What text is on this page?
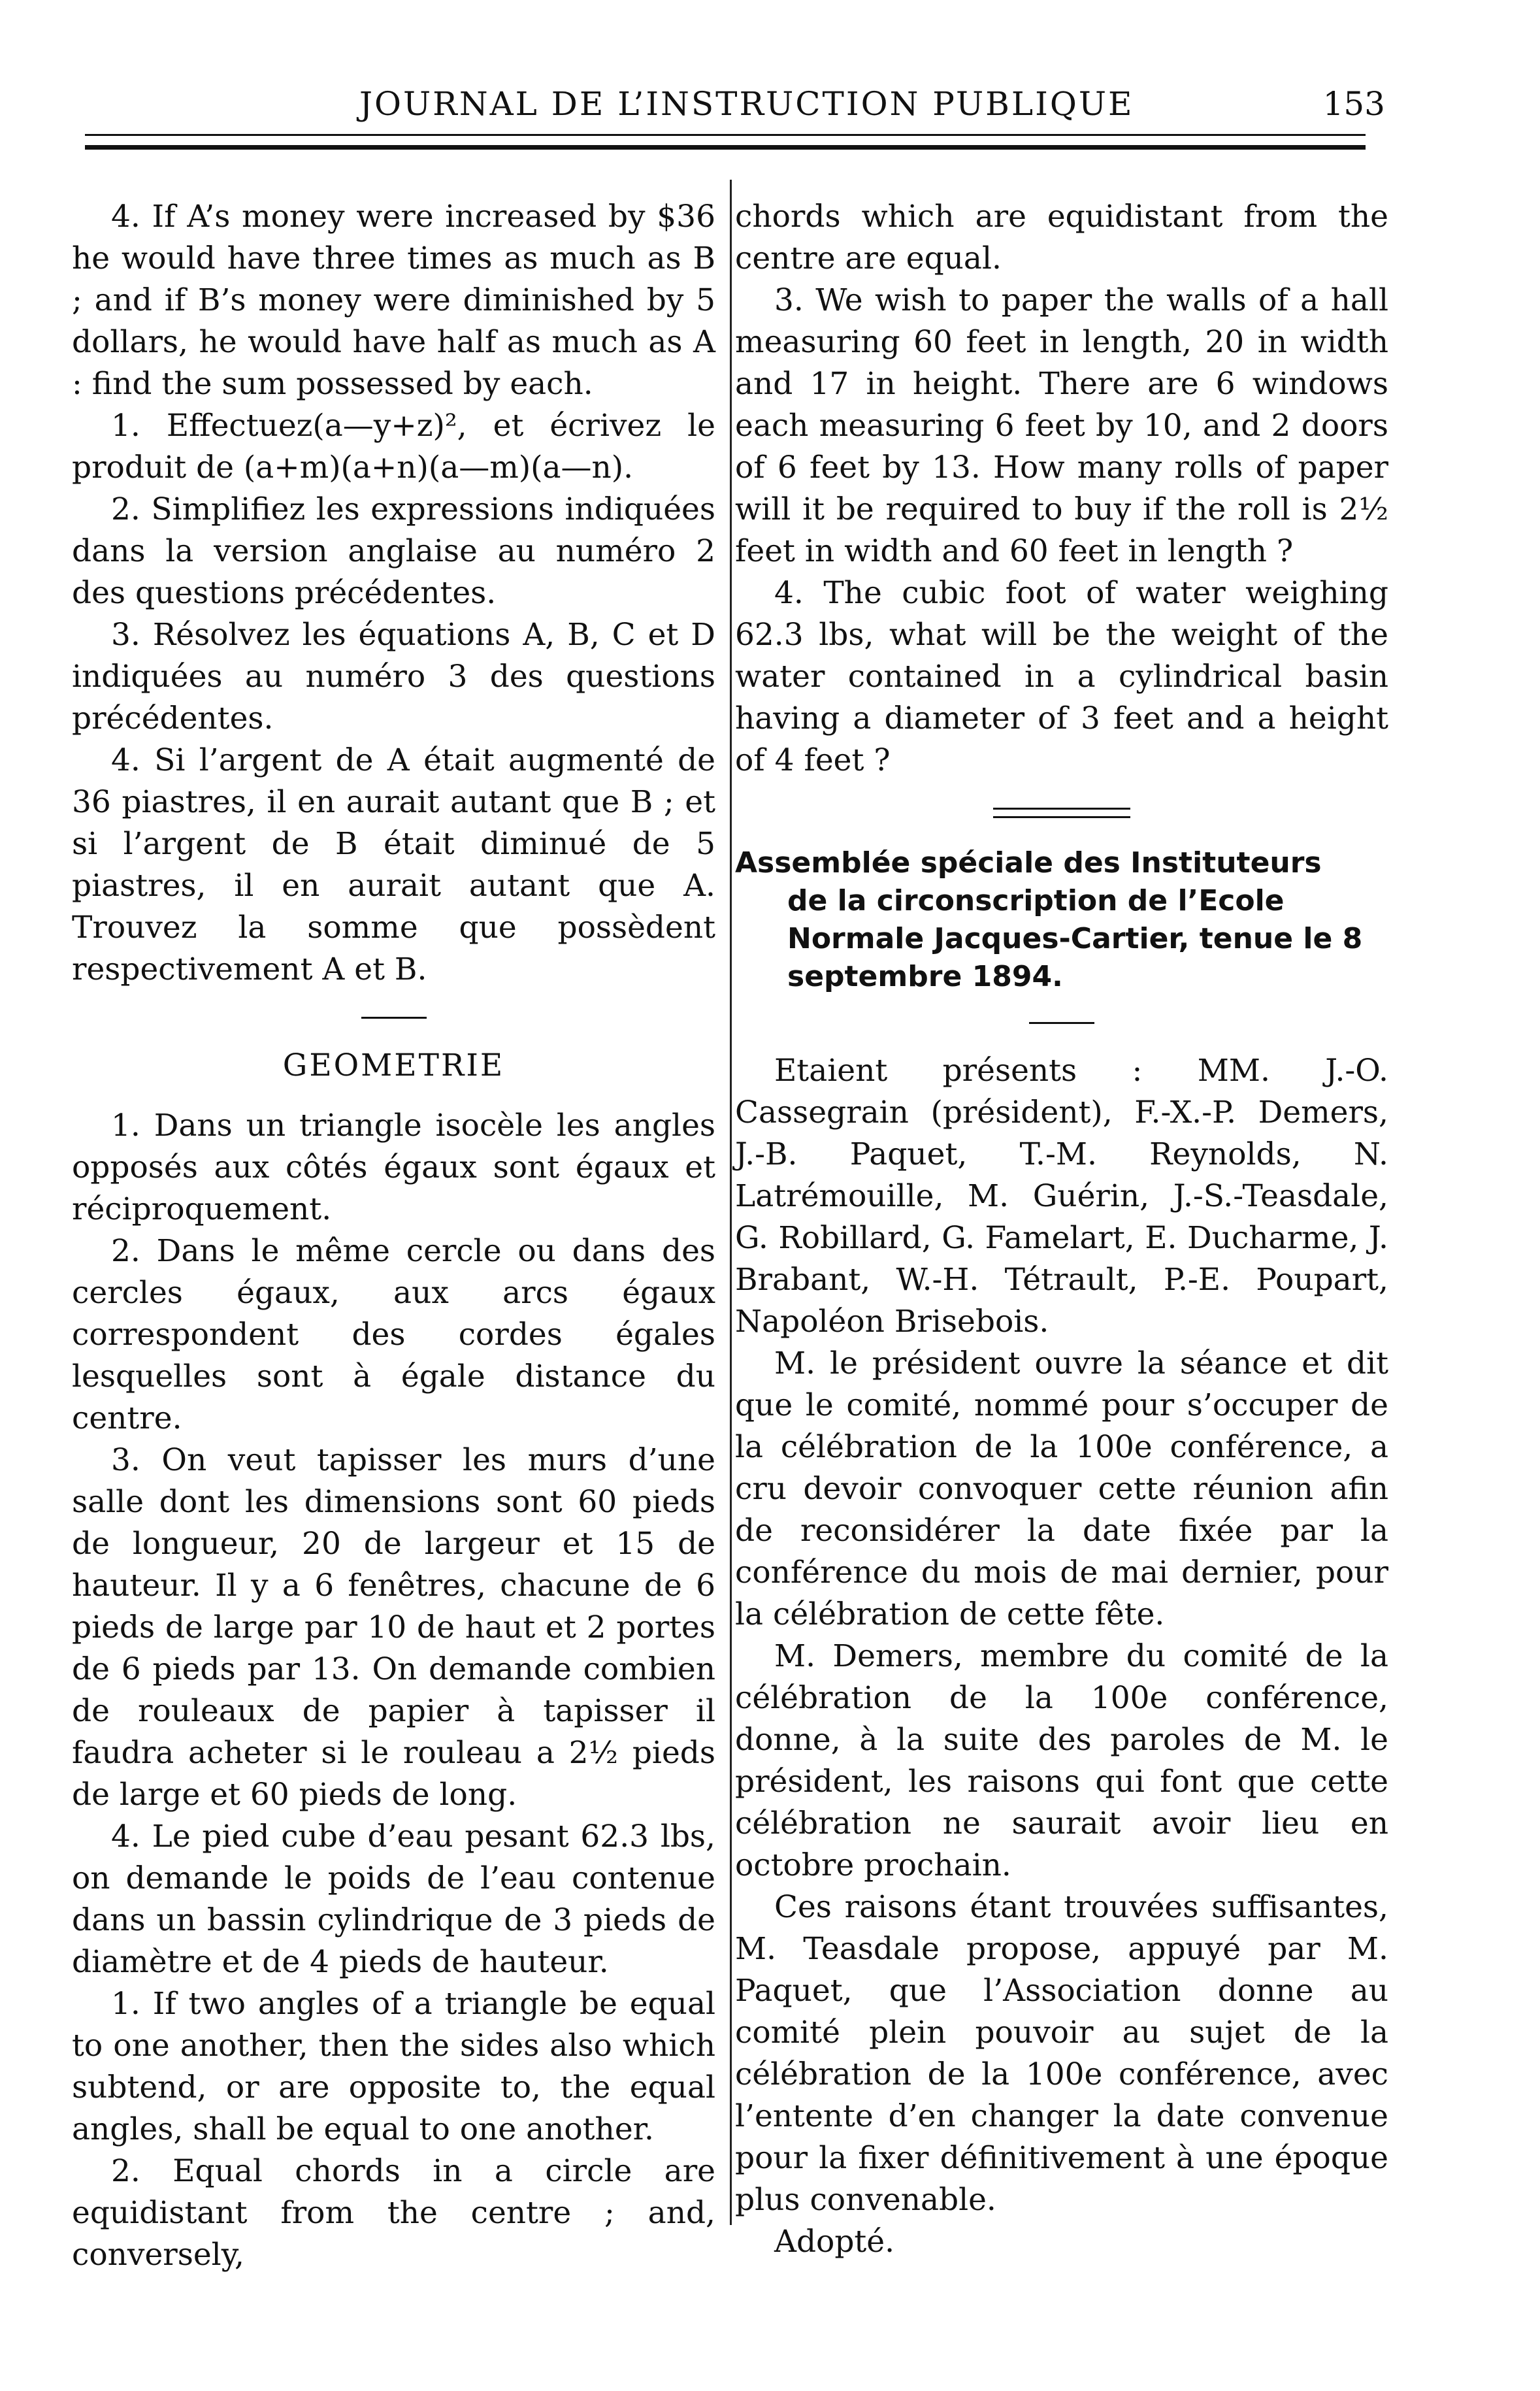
JOURNAL DE L’INSTRUCTION PUBLIQUE	153

4. If A’s money were increased by $36 he would have three times as much as B ; and if B’s money were diminished by 5 dollars, he would have half as much as A : find the sum possessed by each.

1. Effectuez(a—y+z)², et écrivez le produit de (a+m)(a+n)(a—m)(a—n).

2. Simplifiez les expressions indiquées dans la version anglaise au numéro 2 des questions précédentes.

3. Résolvez les équations A, B, C et D indiquées au numéro 3 des questions précédentes.

4. Si l’argent de A était augmenté de 36 piastres, il en aurait autant que B ; et si l’argent de B était diminué de 5 piastres, il en aurait autant que A. Trouvez la somme que possèdent respectivement A et B.

GEOMETRIE

1. Dans un triangle isocèle les angles opposés aux côtés égaux sont égaux et réciproquement.

2. Dans le même cercle ou dans des cercles égaux, aux arcs égaux correspondent des cordes égales lesquelles sont à égale distance du centre.

3. On veut tapisser les murs d’une salle dont les dimensions sont 60 pieds de longueur, 20 de largeur et 15 de hauteur. Il y a 6 fenêtres, chacune de 6 pieds de large par 10 de haut et 2 portes de 6 pieds par 13. On demande combien de rouleaux de papier à tapisser il faudra acheter si le rouleau a 2½ pieds de large et 60 pieds de long.

4. Le pied cube d’eau pesant 62.3 lbs, on demande le poids de l’eau contenue dans un bassin cylindrique de 3 pieds de diamètre et de 4 pieds de hauteur.

1. If two angles of a triangle be equal to one another, then the sides also which subtend, or are opposite to, the equal angles, shall be equal to one another.

2. Equal chords in a circle are equidistant from the centre ; and, conversely,

chords which are equidistant from the centre are equal.

3. We wish to paper the walls of a hall measuring 60 feet in length, 20 in width and 17 in height. There are 6 windows each measuring 6 feet by 10, and 2 doors of 6 feet by 13. How many rolls of paper will it be required to buy if the roll is 2½ feet in width and 60 feet in length ?

4. The cubic foot of water weighing 62.3 lbs, what will be the weight of the water contained in a cylindrical basin having a diameter of 3 feet and a height of 4 feet ?

Assemblée spéciale des Instituteurs
de la circonscription de l’Ecole Normale Jacques-Cartier, tenue le 8 septembre 1894.

Etaient présents : MM. J.-O. Cassegrain (président), F.-X.-P. Demers, J.-B. Paquet, T.-M. Reynolds, N. Latrémouille, M. Guérin, J.-S.-Teasdale, G. Robillard, G. Famelart, E. Ducharme, J. Brabant, W.-H. Tétrault, P.-E. Poupart, Napoléon Brisebois.

M. le président ouvre la séance et dit que le comité, nommé pour s’occuper de la célébration de la 100e conférence, a cru devoir convoquer cette réunion afin de reconsidérer la date fixée par la conférence du mois de mai dernier, pour la célébration de cette fête.

M. Demers, membre du comité de la célébration de la 100e conférence, donne, à la suite des paroles de M. le président, les raisons qui font que cette célébration ne saurait avoir lieu en octobre prochain.

Ces raisons étant trouvées suffisantes, M. Teasdale propose, appuyé par M. Paquet, que l’Association donne au comité plein pouvoir au sujet de la célébration de la 100e conférence, avec l’entente d’en changer la date convenue pour la fixer définitivement à une époque plus convenable.

Adopté.
